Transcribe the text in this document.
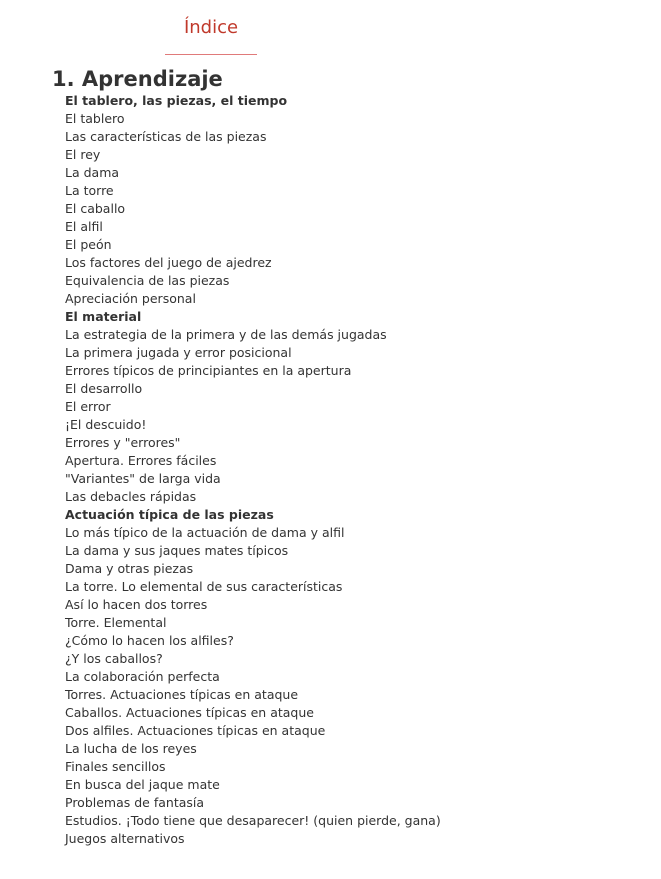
Índice
1. Aprendizaje
El tablero, las piezas, el tiempo
El tablero
Las características de las piezas
El rey
La dama
La torre
El caballo
El alfil
El peón
Los factores del juego de ajedrez
Equivalencia de las piezas
Apreciación personal
El material
La estrategia de la primera y de las demás jugadas
La primera jugada y error posicional
Errores típicos de principiantes en la apertura
El desarrollo
El error
¡El descuido!
Errores y "errores"
Apertura. Errores fáciles
"Variantes" de larga vida
Las debacles rápidas
Actuación típica de las piezas
Lo más típico de la actuación de dama y alfil
La dama y sus jaques mates típicos
Dama y otras piezas
La torre. Lo elemental de sus características
Así lo hacen dos torres
Torre. Elemental
¿Cómo lo hacen los alfiles?
¿Y los caballos?
La colaboración perfecta
Torres. Actuaciones típicas en ataque
Caballos. Actuaciones típicas en ataque
Dos alfiles. Actuaciones típicas en ataque
La lucha de los reyes
Finales sencillos
En busca del jaque mate
Problemas de fantasía
Estudios. ¡Todo tiene que desaparecer! (quien pierde, gana)
Juegos alternativos
